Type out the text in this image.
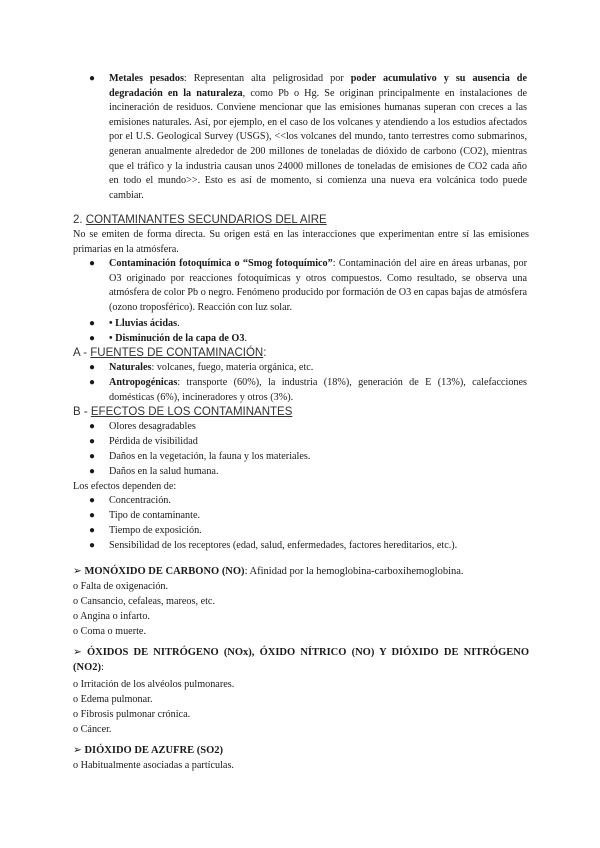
● Metales pesados: Representan alta peligrosidad por poder acumulativo y su ausencia de degradación en la naturaleza, como Pb o Hg. Se originan principalmente en instalaciones de incineración de residuos. Conviene mencionar que las emisiones humanas superan con creces a las emisiones naturales. Así, por ejemplo, en el caso de los volcanes y atendiendo a los estudios afectados por el U.S. Geological Survey (USGS), <<los volcanes del mundo, tanto terrestres como submarinos, generan anualmente alrededor de 200 millones de toneladas de dióxido de carbono (CO2), mientras que el tráfico y la industria causan unos 24000 millones de toneladas de emisiones de CO2 cada año en todo el mundo>>. Esto es así de momento, si comienza una nueva era volcánica todo puede cambiar.
2. CONTAMINANTES SECUNDARIOS DEL AIRE
No se emiten de forma directa. Su origen está en las interacciones que experimentan entre sí las emisiones primarias en la atmósfera.
● Contaminación fotoquímica o “Smog fotoquímico”: Contaminación del aire en áreas urbanas, por O3 originado por reacciones fotoquímicas y otros compuestos. Como resultado, se observa una atmósfera de color Pb o negro. Fenómeno producido por formación de O3 en capas bajas de atmósfera (ozono troposférico). Reacción con luz solar.
● • Lluvias ácidas.
● • Disminución de la capa de O3.
A - FUENTES DE CONTAMINACIÓN:
● Naturales: volcanes, fuego, materia orgánica, etc.
● Antropogénicas: transporte (60%), la industria (18%), generación de E (13%), calefacciones domésticas (6%), incineradores y otros (3%).
B - EFECTOS DE LOS CONTAMINANTES
● Olores desagradables
● Pérdida de visibilidad
● Daños en la vegetación, la fauna y los materiales.
● Daños en la salud humana.
Los efectos dependen de:
● Concentración.
● Tipo de contaminante.
● Tiempo de exposición.
● Sensibilidad de los receptores (edad, salud, enfermedades, factores hereditarios, etc.).
➢ MONÓXIDO DE CARBONO (NO): Afinidad por la hemoglobina-carboxihemoglobina.
o Falta de oxigenación.
o Cansancio, cefaleas, mareos, etc.
o Angina o infarto.
o Coma o muerte.
➢ ÓXIDOS DE NITRÓGENO (NOx), ÓXIDO NÍTRICO (NO) Y DIÓXIDO DE NITRÓGENO (NO2):
o Irritación de los alvéolos pulmonares.
o Edema pulmonar.
o Fibrosis pulmonar crónica.
o Cáncer.
➢ DIÓXIDO DE AZUFRE (SO2)
o Habitualmente asociadas a partículas.
